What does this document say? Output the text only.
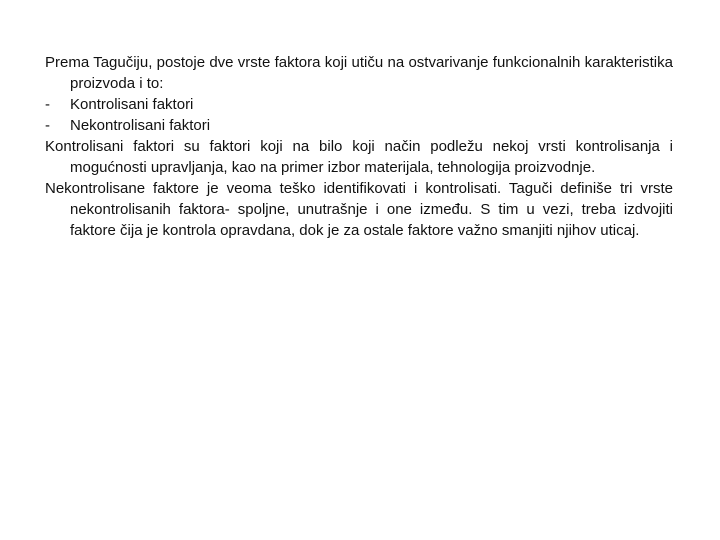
Prema Tagučiju, postoje dve vrste faktora koji utiču na ostvarivanje funkcionalnih karakteristika proizvoda i to:

-	Kontrolisani faktori

-	Nekontrolisani faktori

Kontrolisani faktori su faktori koji na bilo koji način podležu nekoj vrsti kontrolisanja i mogućnosti upravljanja, kao na primer izbor materijala, tehnologija proizvodnje.

Nekontrolisane faktore je veoma teško identifikovati i kontrolisati. Taguči definiše tri vrste nekontrolisanih faktora- spoljne, unutrašnje i one između. S tim u vezi, treba izdvojiti faktore čija je kontrola opravdana, dok je za ostale faktore važno smanjiti njihov uticaj.
